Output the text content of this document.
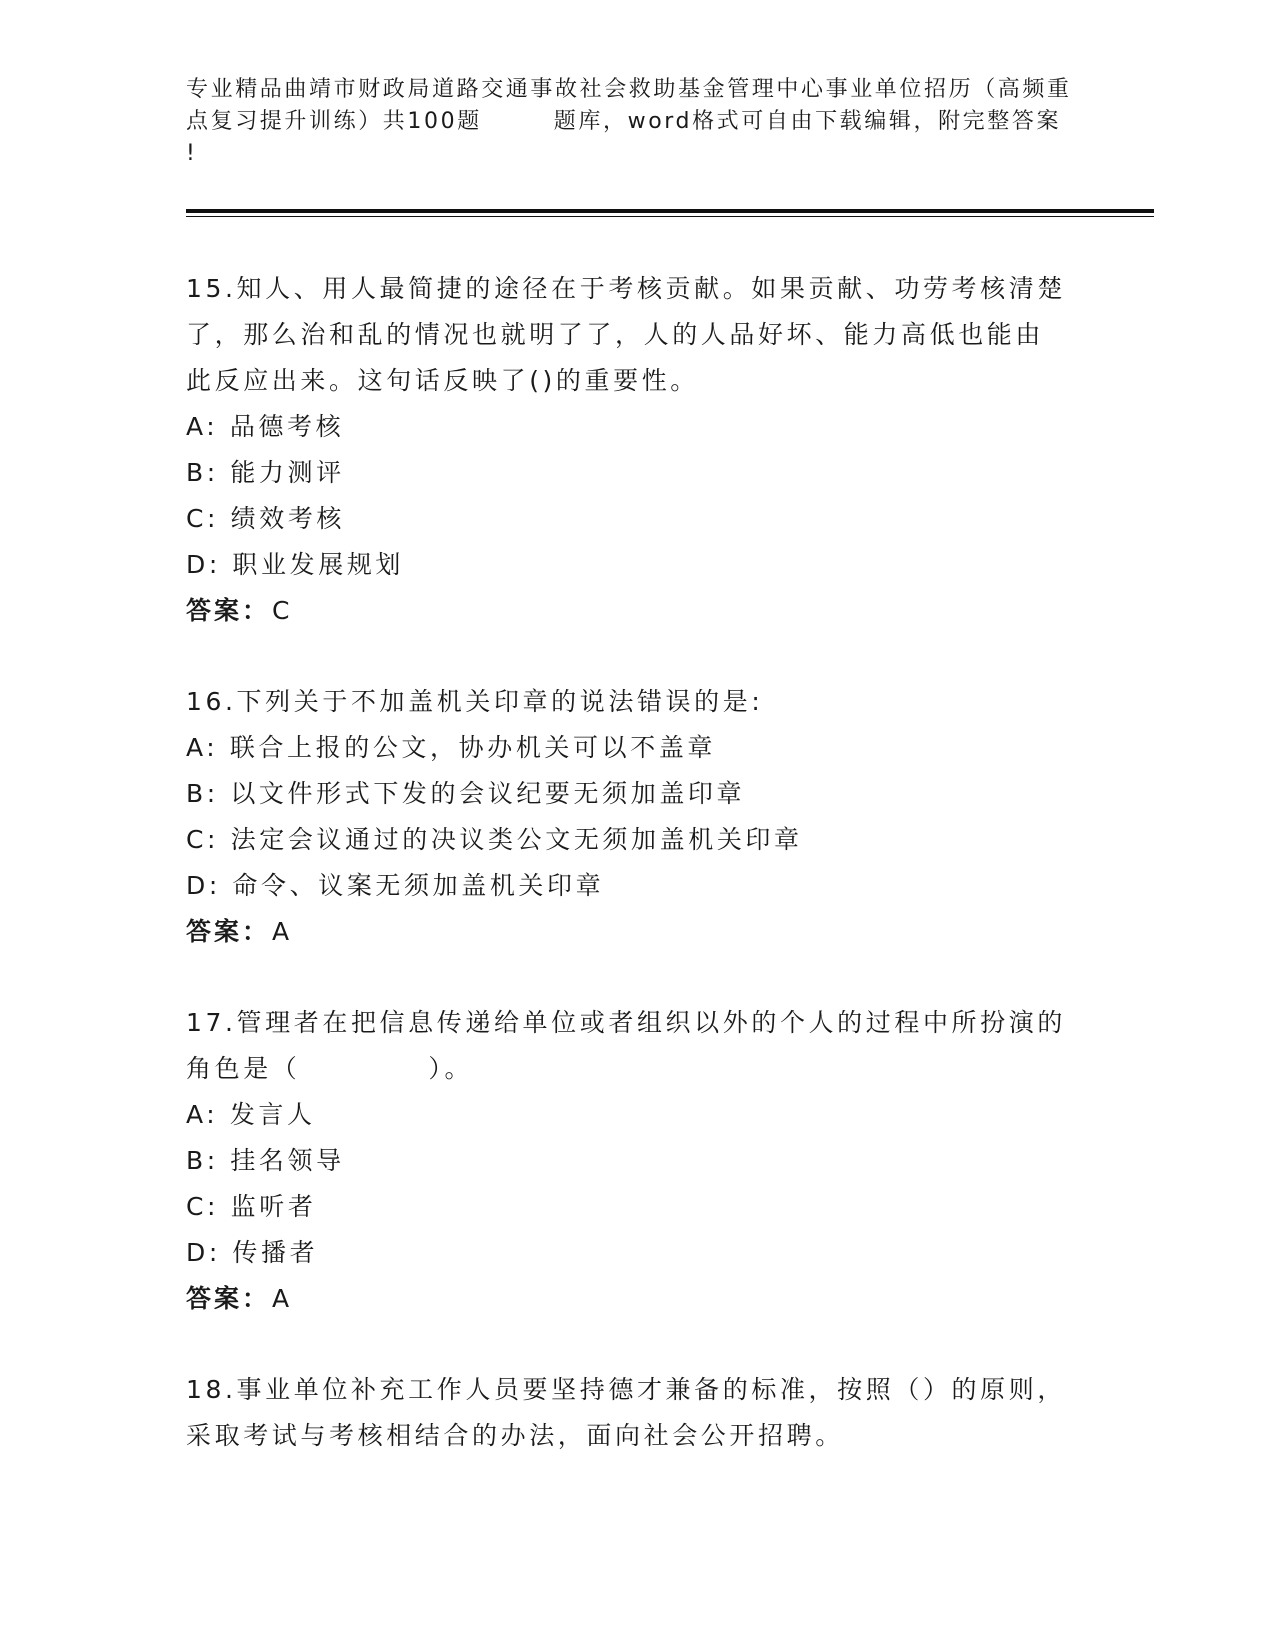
专业精品曲靖市财政局道路交通事故社会救助基金管理中心事业单位招历（高频重
点复习提升训练）共100题	题库，word格式可自由下载编辑，附完整答案
!
15.知人、用人最简捷的途径在于考核贡献。如果贡献、功劳考核清楚
了，那么治和乱的情况也就明了了，人的人品好坏、能力高低也能由
此反应出来。这句话反映了()的重要性。
A: 品德考核
B: 能力测评
C: 绩效考核
D: 职业发展规划
答案：C
16.下列关于不加盖机关印章的说法错误的是:
A: 联合上报的公文，协办机关可以不盖章
B: 以文件形式下发的会议纪要无须加盖印章
C: 法定会议通过的决议类公文无须加盖机关印章
D: 命令、议案无须加盖机关印章
答案：A
17.管理者在把信息传递给单位或者组织以外的个人的过程中所扮演的
角色是（	）。
A: 发言人
B: 挂名领导
C: 监听者
D: 传播者
答案：A
18.事业单位补充工作人员要坚持德才兼备的标准，按照（）的原则，
采取考试与考核相结合的办法，面向社会公开招聘。
